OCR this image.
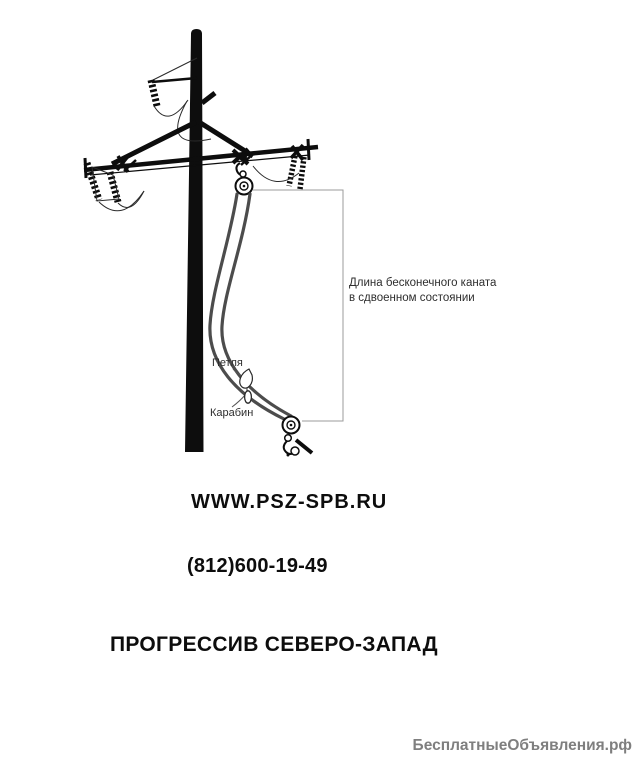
Длина бесконечного каната
в сдвоенном состоянии
Петля
Карабин
WWW.PSZ-SPB.RU
(812)600-19-49
ПРОГРЕССИВ СЕВЕРО-ЗАПАД
БесплатныеОбъявления.рф
